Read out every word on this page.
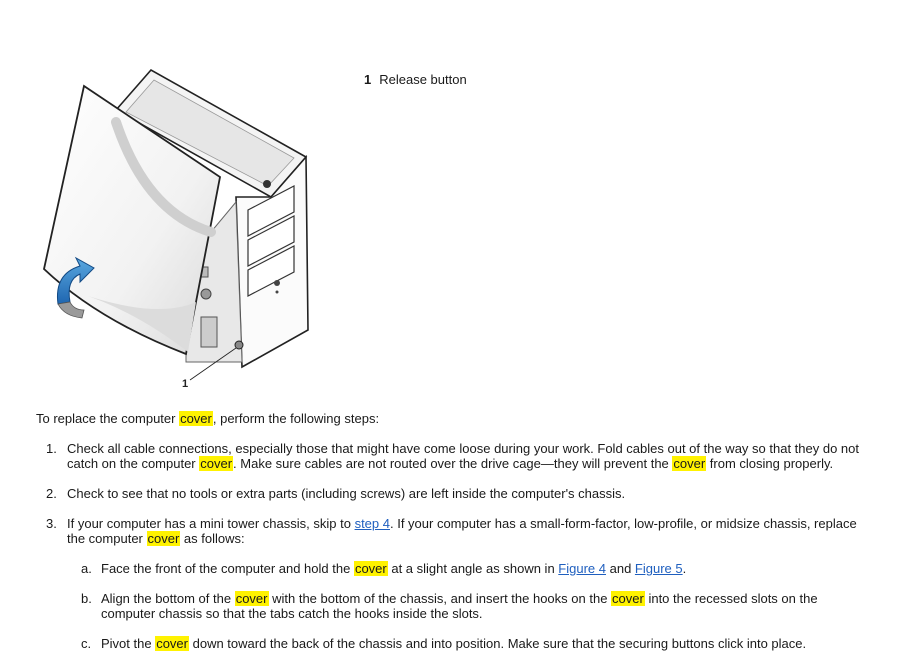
1
1 Release button

To replace the computer cover, perform the following steps:

1. Check all cable connections, especially those that might have come loose during your work. Fold cables out of the way so that they do not catch on the computer cover. Make sure cables are not routed over the drive cage—they will prevent the cover from closing properly.
2. Check to see that no tools or extra parts (including screws) are left inside the computer's chassis.
3. If your computer has a mini tower chassis, skip to step 4. If your computer has a small-form-factor, low-profile, or midsize chassis, replace the computer cover as follows:
a. Face the front of the computer and hold the cover at a slight angle as shown in Figure 4 and Figure 5.
b. Align the bottom of the cover with the bottom of the chassis, and insert the hooks on the cover into the recessed slots on the computer chassis so that the tabs catch the hooks inside the slots.
c. Pivot the cover down toward the back of the chassis and into position. Make sure that the securing buttons click into place.
